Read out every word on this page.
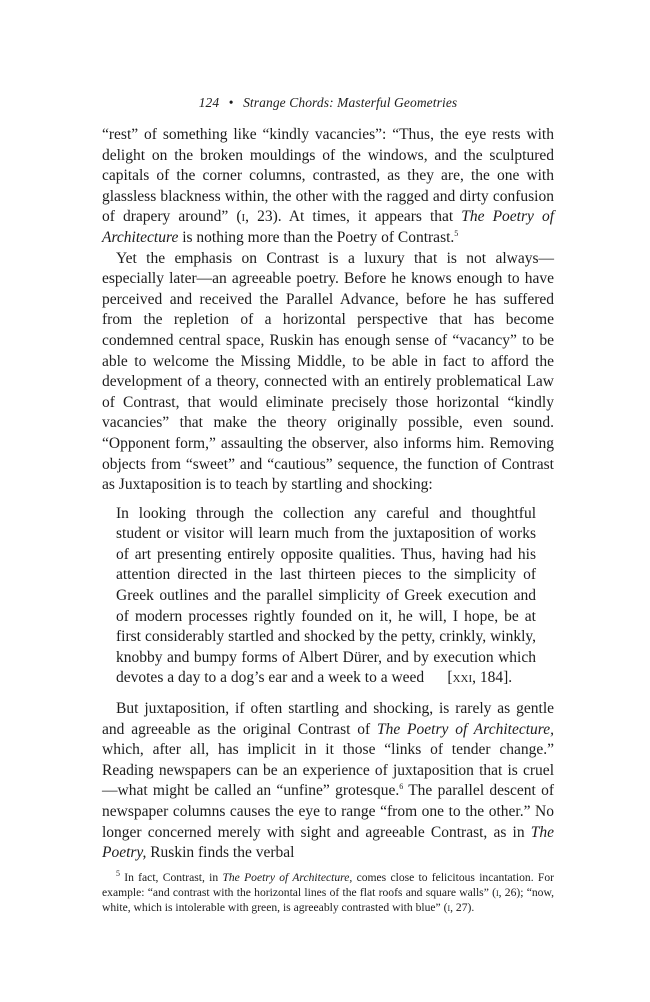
124 • Strange Chords: Masterful Geometries

“rest” of something like “kindly vacancies”: “Thus, the eye rests with delight on the broken mouldings of the windows, and the sculptured capitals of the corner columns, contrasted, as they are, the one with glassless blackness within, the other with the ragged and dirty confusion of drapery around” (i, 23). At times, it appears that The Poetry of Architecture is nothing more than the Poetry of Contrast.$^5$

Yet the emphasis on Contrast is a luxury that is not always—especially later—an agreeable poetry. Before he knows enough to have perceived and received the Parallel Advance, before he has suffered from the repletion of a horizontal perspective that has become condemned central space, Ruskin has enough sense of “vacancy” to be able to welcome the Missing Middle, to be able in fact to afford the development of a theory, connected with an entirely problematical Law of Contrast, that would eliminate precisely those horizontal “kindly vacancies” that make the theory originally possible, even sound. “Opponent form,” assaulting the observer, also informs him. Removing objects from “sweet” and “cautious” sequence, the function of Contrast as Juxtaposition is to teach by startling and shocking:

In looking through the collection any careful and thoughtful student or visitor will learn much from the juxtaposition of works of art presenting entirely opposite qualities. Thus, having had his attention directed in the last thirteen pieces to the simplicity of Greek outlines and the parallel simplicity of Greek execution and of modern processes rightly founded on it, he will, I hope, be at first considerably startled and shocked by the petty, crinkly, winkly, knobby and bumpy forms of Albert Dürer, and by execution which devotes a day to a dog’s ear and a week to a weed  [xxi, 184].

But juxtaposition, if often startling and shocking, is rarely as gentle and agreeable as the original Contrast of The Poetry of Architecture, which, after all, has implicit in it those “links of tender change.” Reading newspapers can be an experience of juxtaposition that is cruel—what might be called an “unfine” grotesque.$^6$ The parallel descent of newspaper columns causes the eye to range “from one to the other.” No longer concerned merely with sight and agreeable Contrast, as in The Poetry, Ruskin finds the verbal

$^5$ In fact, Contrast, in The Poetry of Architecture, comes close to felicitous incantation. For example: “and contrast with the horizontal lines of the flat roofs and square walls” (i, 26); “now, white, which is intolerable with green, is agreeably contrasted with blue” (i, 27).
